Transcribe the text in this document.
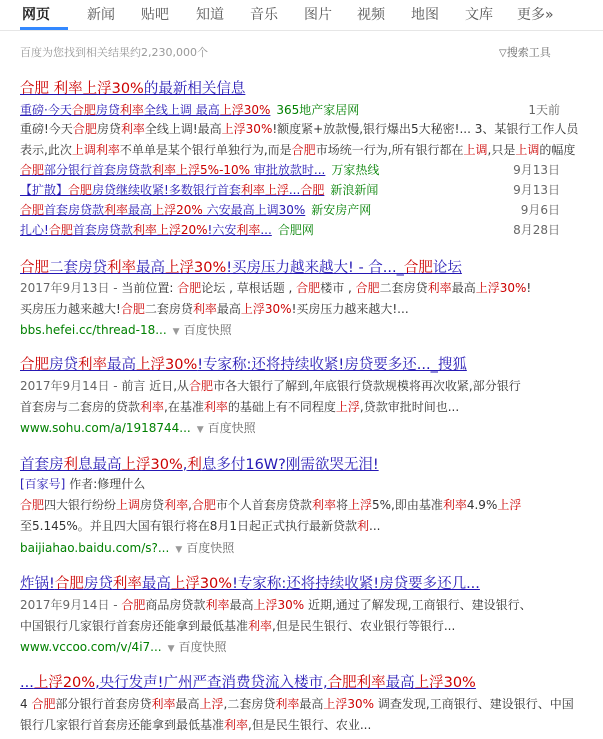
网页	新闻 贴吧 知道 音乐 图片 视频 地图 文库 更多»
百度为您找到相关结果约2,230,000个	▽搜索工具
合肥 利率上浮30%的最新相关信息
重磅·今天合肥房贷利率全线上调 最高上浮30% 365地产家居网	1天前
重磅!今天合肥房贷利率全线上调!最高上浮30%!额度紧+放款慢,银行爆出5大秘密!... 3、某银行工作人员表示,此次上调利率不单单是某个银行单独行为,而是合肥市场统一行为,所有银行都在上调,只是上调的幅度
合肥部分银行首套房贷款利率上浮5%-10% 审批放款时... 万家热线	9月13日
【扩散】合肥房贷继续收紧!多数银行首套利率上浮...合肥 新浪新闻	9月13日
合肥首套房贷款利率最高上浮20% 六安最高上调30% 新安房产网	9月6日
扎心!合肥首套房贷款利率上浮20%!六安利率... 合肥网	8月28日
合肥二套房贷利率最高上浮30%!买房压力越来越大! - 合..._合肥论坛
2017年9月13日 - 当前位置: 合肥论坛 , 草根话题 , 合肥楼市 , 合肥二套房贷利率最高上浮30%!
买房压力越来越大!合肥二套房贷利率最高上浮30%!买房压力越来越大!...
bbs.hefei.cc/thread-18... ▼ 百度快照
合肥房贷利率最高上浮30%!专家称:还将持续收紧!房贷要多还..._搜狐
2017年9月14日 - 前言 近日,从合肥市各大银行了解到,年底银行贷款规模将再次收紧,部分银行
首套房与二套房的贷款利率,在基准利率的基础上有不同程度上浮,贷款审批时间也...
www.sohu.com/a/1918744... ▼ 百度快照
首套房利息最高上浮30%,利息多付16W?刚需欲哭无泪!
[百家号] 作者:修理什么
合肥四大银行纷纷上调房贷利率,合肥市个人首套房贷款利率将上浮5%,即由基准利率4.9%上浮
至5.145%。并且四大国有银行将在8月1日起正式执行最新贷款利...
baijiahao.baidu.com/s?... ▼ 百度快照
炸锅!合肥房贷利率最高上浮30%!专家称:还将持续收紧!房贷要多还几...
2017年9月14日 - 合肥商品房贷款利率最高上浮30% 近期,通过了解发现,工商银行、建设银行、
中国银行几家银行首套房还能拿到最低基准利率,但是民生银行、农业银行等银行...
www.vccoo.com/v/4i7... ▼ 百度快照
...上浮20%,央行发声!广州严查消费贷流入楼市,合肥利率最高上浮30%
4 合肥部分银行首套房贷利率最高上浮,二套房贷利率最高上浮30% 调查发现,工商银行、建设银行、中国
银行几家银行首套房还能拿到最低基准利率,但是民生银行、农业...
